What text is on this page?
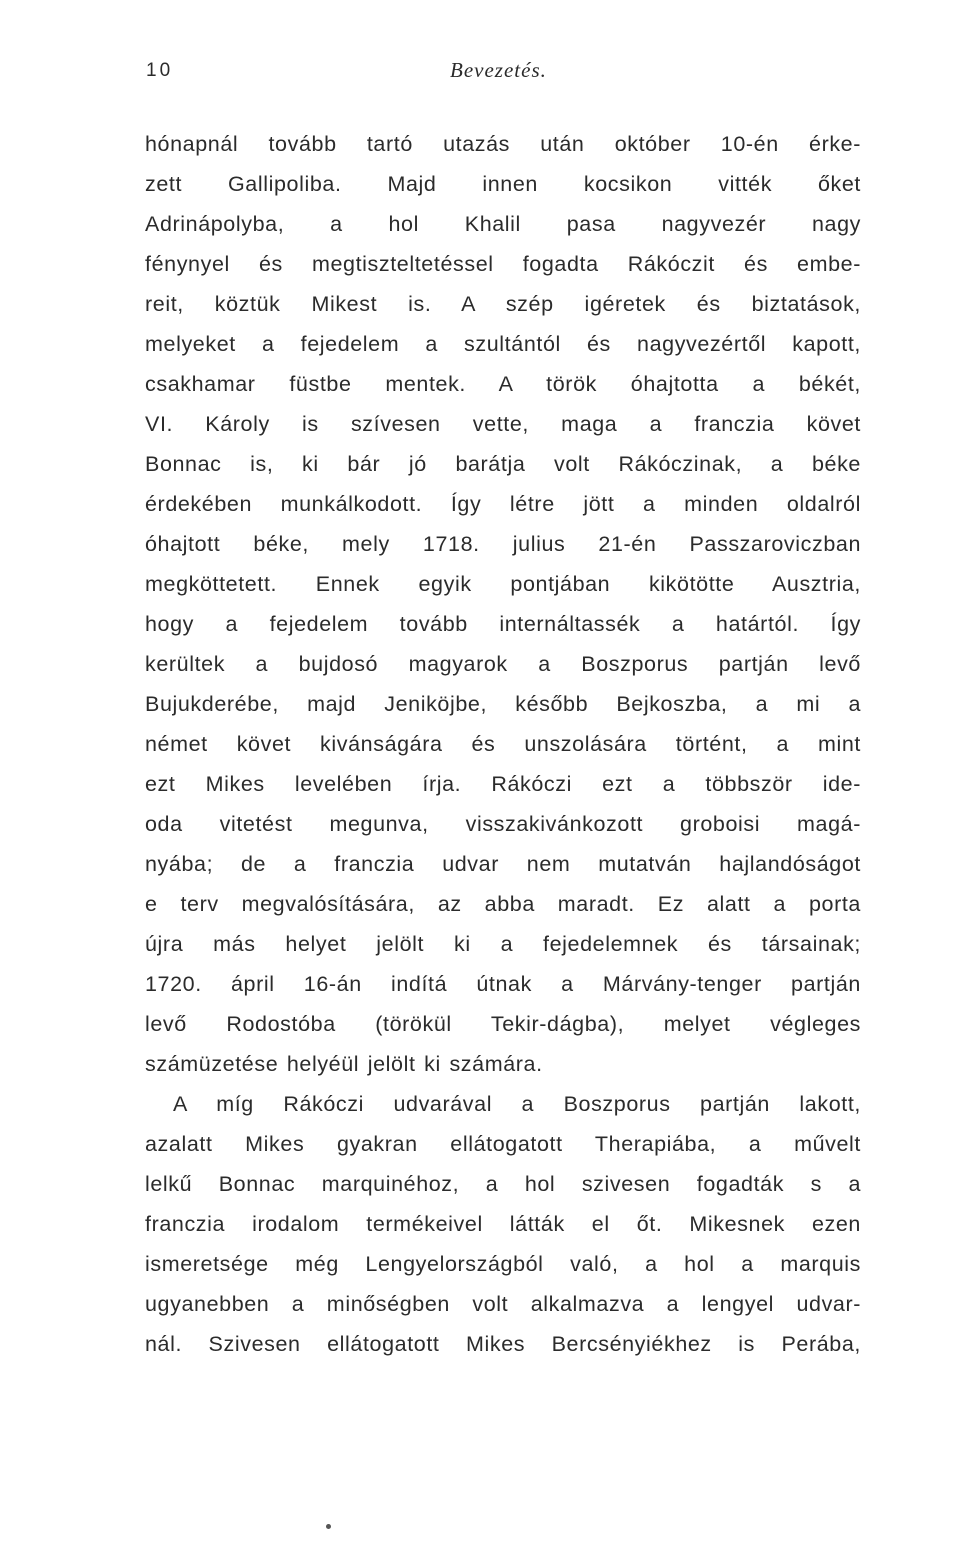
10	Bevezetés.
hónapnál tovább tartó utazás után október 10-én érke-
zett Gallipoliba. Majd innen kocsikon vitték őket
Adrinápolyba, a hol Khalil pasa nagyvezér nagy
fénynyel és megtiszteltetéssel fogadta Rákóczit és embe-
reit, köztük Mikest is. A szép igéretek és biztatások,
melyeket a fejedelem a szultántól és nagyvezértől kapott,
csakhamar füstbe mentek. A török óhajtotta a békét,
VI. Károly is szívesen vette, maga a franczia követ
Bonnac is, ki bár jó barátja volt Rákóczinak, a béke
érdekében munkálkodott. Így létre jött a minden oldalról
óhajtott béke, mely 1718. julius 21-én Passzaroviczban
megköttetett. Ennek egyik pontjában kikötötte Ausztria,
hogy a fejedelem tovább internáltassék a határtól. Így
kerültek a bujdosó magyarok a Boszporus partján levő
Bujukderébe, majd Jeniköjbe, később Bejkoszba, a mi a
német követ kivánságára és unszolására történt, a mint
ezt Mikes levelében írja. Rákóczi ezt a többször ide-
oda vitetést megunva, visszakivánkozott groboisi magá-
nyába; de a franczia udvar nem mutatván hajlandóságot
e terv megvalósítására, az abba maradt. Ez alatt a porta
újra más helyet jelölt ki a fejedelemnek és társainak;
1720. ápril 16-án indítá útnak a Márvány-tenger partján
levő Rodostóba (törökül Tekir-dágba), melyet végleges
számüzetése helyéül jelölt ki számára.
A míg Rákóczi udvarával a Boszporus partján lakott,
azalatt Mikes gyakran ellátogatott Therapiába, a művelt
lelkű Bonnac marquinéhoz, a hol szivesen fogadták s a
franczia irodalom termékeivel látták el őt. Mikesnek ezen
ismeretsége még Lengyelországból való, a hol a marquis
ugyanebben a minőségben volt alkalmazva a lengyel udvar-
nál. Szivesen ellátogatott Mikes Bercsényiékhez is Perába,
